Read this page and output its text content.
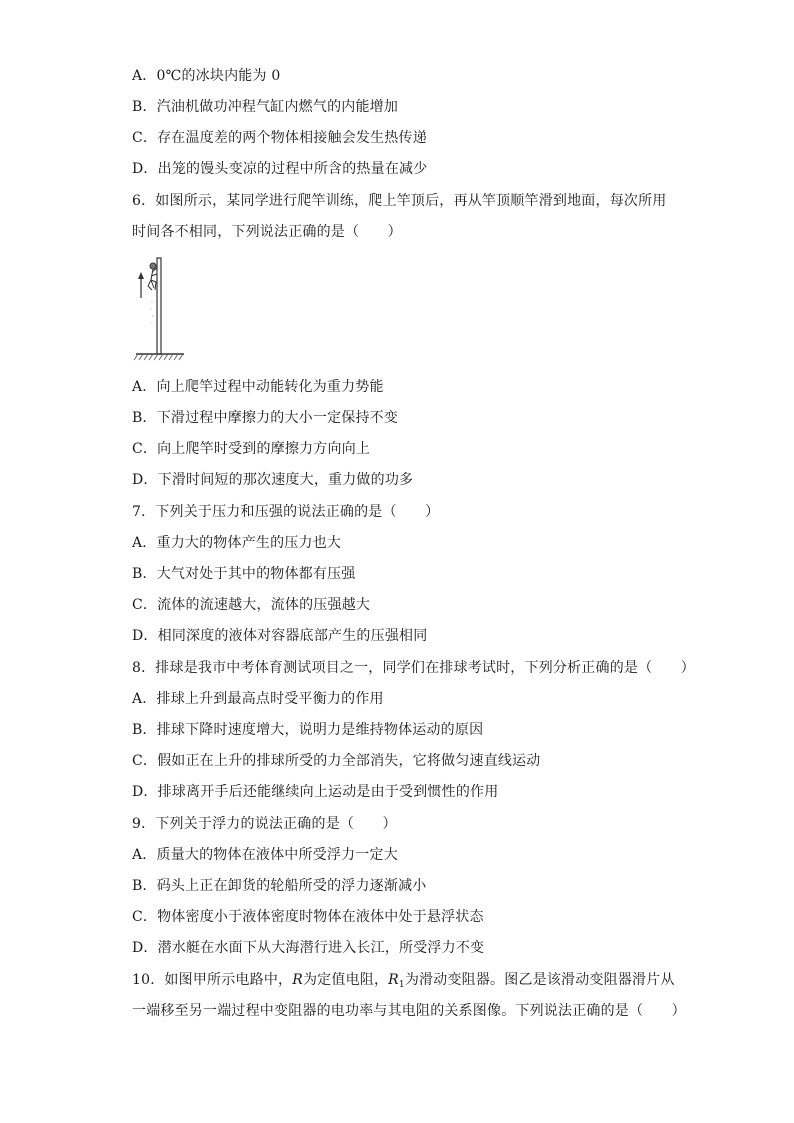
A．0℃的冰块内能为 0
B．汽油机做功冲程气缸内燃气的内能增加
C．存在温度差的两个物体相接触会发生热传递
D．出笼的馒头变凉的过程中所含的热量在减少
6．如图所示，某同学进行爬竿训练，爬上竿顶后，再从竿顶顺竿滑到地面，每次所用
时间各不相同，下列说法正确的是（　　）
A．向上爬竿过程中动能转化为重力势能
B．下滑过程中摩擦力的大小一定保持不变
C．向上爬竿时受到的摩擦力方向向上
D．下滑时间短的那次速度大，重力做的功多
7．下列关于压力和压强的说法正确的是（　　）
A．重力大的物体产生的压力也大
B．大气对处于其中的物体都有压强
C．流体的流速越大，流体的压强越大
D．相同深度的液体对容器底部产生的压强相同
8．排球是我市中考体育测试项目之一，同学们在排球考试时，下列分析正确的是（　　）
A．排球上升到最高点时受平衡力的作用
B．排球下降时速度增大，说明力是维持物体运动的原因
C．假如正在上升的排球所受的力全部消失，它将做匀速直线运动
D．排球离开手后还能继续向上运动是由于受到惯性的作用
9．下列关于浮力的说法正确的是（　　）
A．质量大的物体在液体中所受浮力一定大
B．码头上正在卸货的轮船所受的浮力逐渐减小
C．物体密度小于液体密度时物体在液体中处于悬浮状态
D．潜水艇在水面下从大海潜行进入长江，所受浮力不变
10．如图甲所示电路中，R为定值电阻，$R_1$为滑动变阻器。图乙是该滑动变阻器滑片从
一端移至另一端过程中变阻器的电功率与其电阻的关系图像。下列说法正确的是（　　）
